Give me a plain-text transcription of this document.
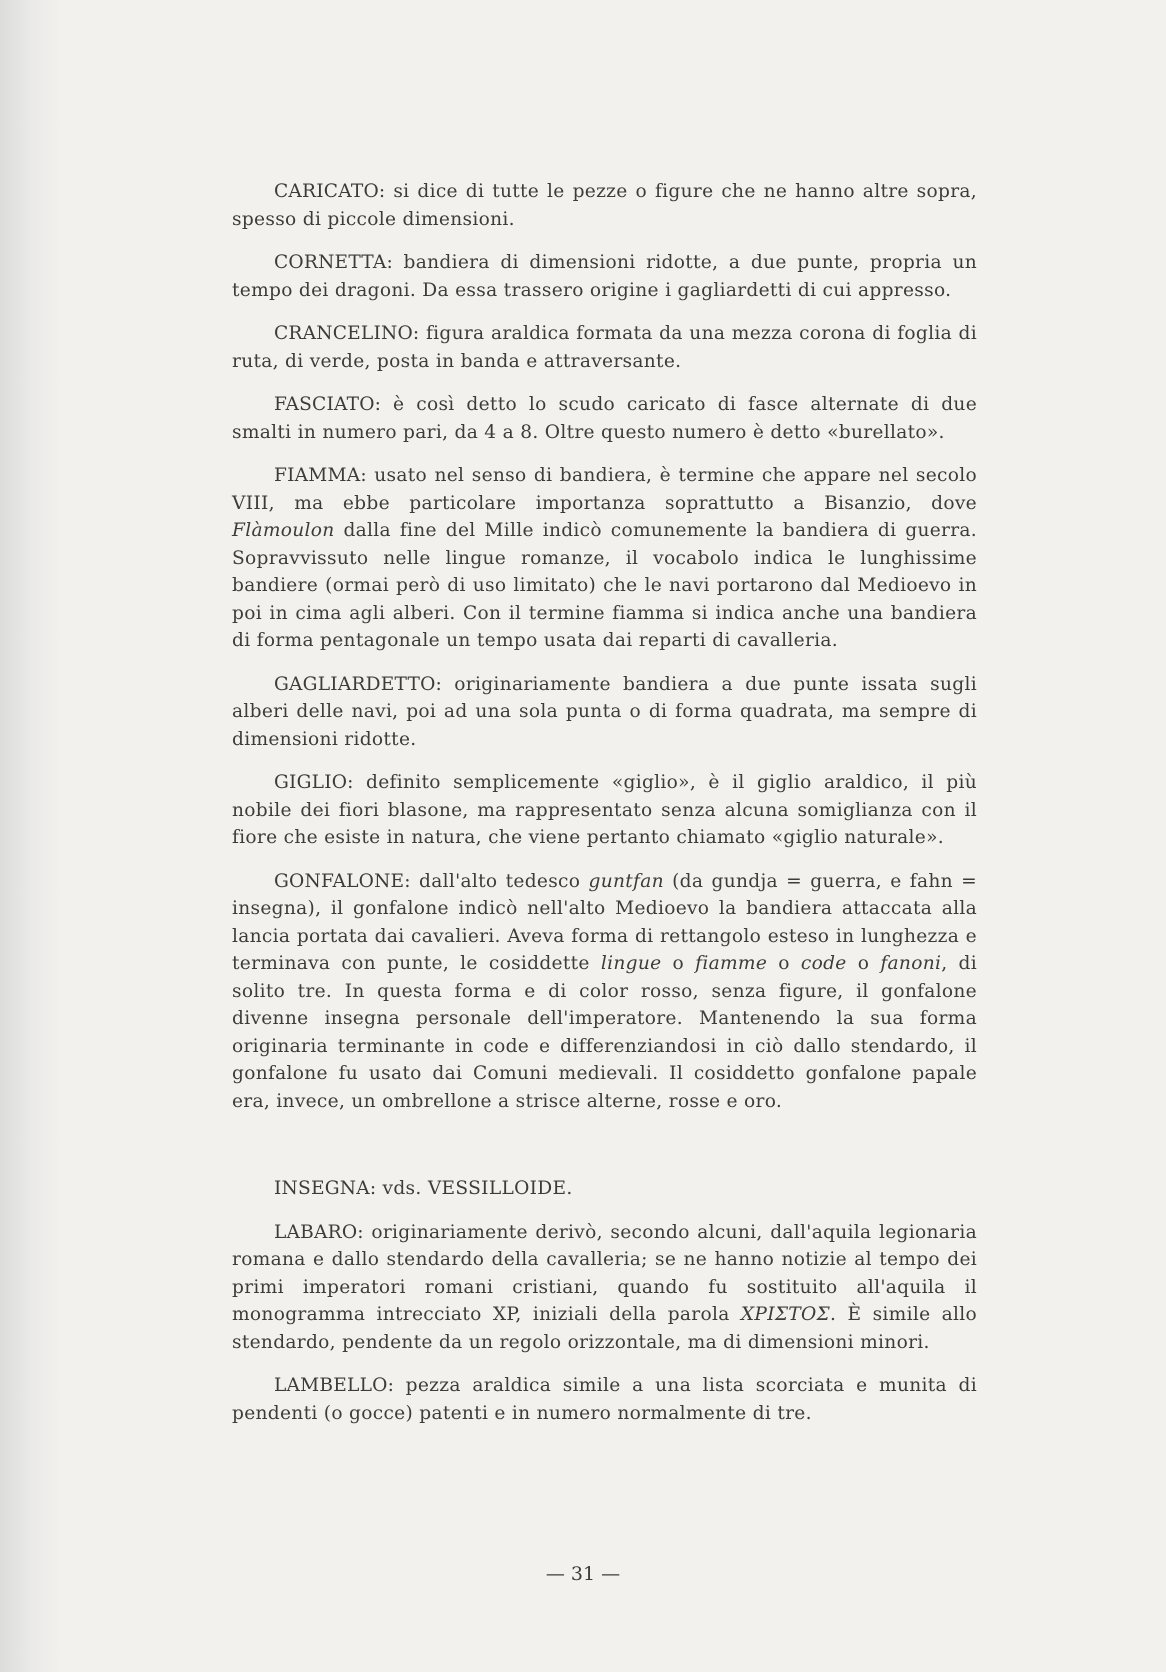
CARICATO: si dice di tutte le pezze o figure che ne hanno altre sopra, spesso di piccole dimensioni.

CORNETTA: bandiera di dimensioni ridotte, a due punte, propria un tempo dei dragoni. Da essa trassero origine i gagliardetti di cui appresso.

CRANCELINO: figura araldica formata da una mezza corona di foglia di ruta, di verde, posta in banda e attraversante.

FASCIATO: è così detto lo scudo caricato di fasce alternate di due smalti in numero pari, da 4 a 8. Oltre questo numero è detto «burellato».

FIAMMA: usato nel senso di bandiera, è termine che appare nel secolo VIII, ma ebbe particolare importanza soprattutto a Bisanzio, dove Flàmoulon dalla fine del Mille indicò comunemente la bandiera di guerra. Sopravvissuto nelle lingue romanze, il vocabolo indica le lunghissime bandiere (ormai però di uso limitato) che le navi portarono dal Medioevo in poi in cima agli alberi. Con il termine fiamma si indica anche una bandiera di forma pentagonale un tempo usata dai reparti di cavalleria.

GAGLIARDETTO: originariamente bandiera a due punte issata sugli alberi delle navi, poi ad una sola punta o di forma quadrata, ma sempre di dimensioni ridotte.

GIGLIO: definito semplicemente «giglio», è il giglio araldico, il più nobile dei fiori blasone, ma rappresentato senza alcuna somiglianza con il fiore che esiste in natura, che viene pertanto chiamato «giglio naturale».

GONFALONE: dall'alto tedesco guntfan (da gundja = guerra, e fahn = insegna), il gonfalone indicò nell'alto Medioevo la bandiera attaccata alla lancia portata dai cavalieri. Aveva forma di rettangolo esteso in lunghezza e terminava con punte, le cosiddette lingue o fiamme o code o fanoni, di solito tre. In questa forma e di color rosso, senza figure, il gonfalone divenne insegna personale dell'imperatore. Mantenendo la sua forma originaria terminante in code e differenziandosi in ciò dallo stendardo, il gonfalone fu usato dai Comuni medievali. Il cosiddetto gonfalone papale era, invece, un ombrellone a strisce alterne, rosse e oro.

INSEGNA: vds. VESSILLOIDE.

LABARO: originariamente derivò, secondo alcuni, dall'aquila legionaria romana e dallo stendardo della cavalleria; se ne hanno notizie al tempo dei primi imperatori romani cristiani, quando fu sostituito all'aquila il monogramma intrecciato XP, iniziali della parola ΧΡΙΣΤΟΣ. È simile allo stendardo, pendente da un regolo orizzontale, ma di dimensioni minori.

LAMBELLO: pezza araldica simile a una lista scorciata e munita di pendenti (o gocce) patenti e in numero normalmente di tre.

— 31 —
